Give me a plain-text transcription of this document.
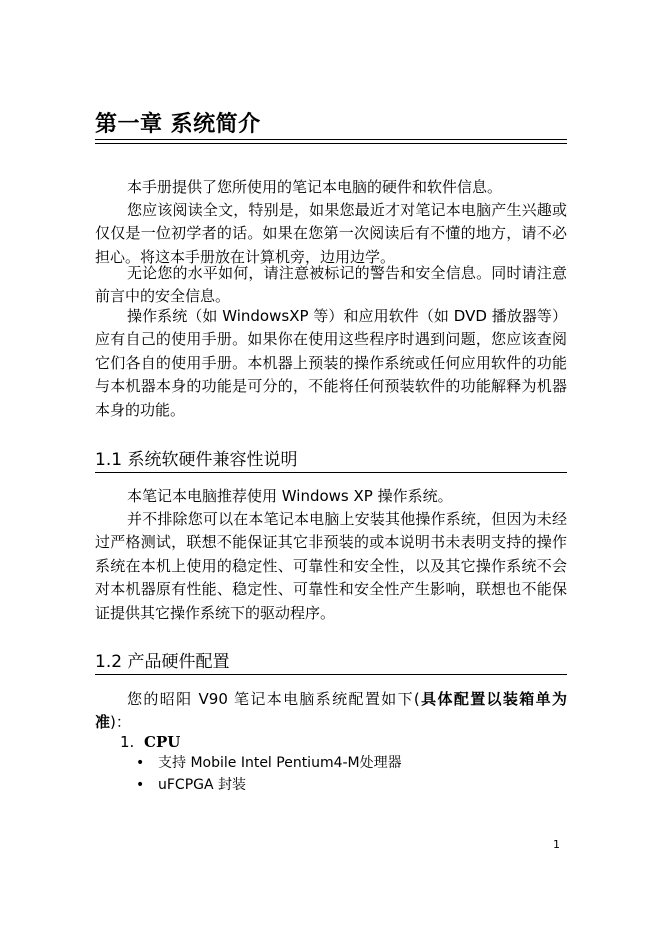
第一章 系统简介

本手册提供了您所使用的笔记本电脑的硬件和软件信息。

您应该阅读全文，特别是，如果您最近才对笔记本电脑产生兴趣或仅仅是一位初学者的话。如果在您第一次阅读后有不懂的地方，请不必担心。将这本手册放在计算机旁，边用边学。

无论您的水平如何，请注意被标记的警告和安全信息。同时请注意前言中的安全信息。

操作系统（如 WindowsXP 等）和应用软件（如 DVD 播放器等）应有自己的使用手册。如果你在使用这些程序时遇到问题，您应该查阅它们各自的使用手册。本机器上预装的操作系统或任何应用软件的功能与本机器本身的功能是可分的，不能将任何预装软件的功能解释为机器本身的功能。

1.1 系统软硬件兼容性说明

本笔记本电脑推荐使用 Windows XP 操作系统。

并不排除您可以在本笔记本电脑上安装其他操作系统，但因为未经过严格测试，联想不能保证其它非预装的或本说明书未表明支持的操作系统在本机上使用的稳定性、可靠性和安全性，以及其它操作系统不会对本机器原有性能、稳定性、可靠性和安全性产生影响，联想也不能保证提供其它操作系统下的驱动程序。

1.2 产品硬件配置

您的昭阳 V90 笔记本电脑系统配置如下(具体配置以装箱单为准)：

1. CPU

• 支持 Mobile Intel Pentium4-M处理器

• uFCPGA 封装

1
